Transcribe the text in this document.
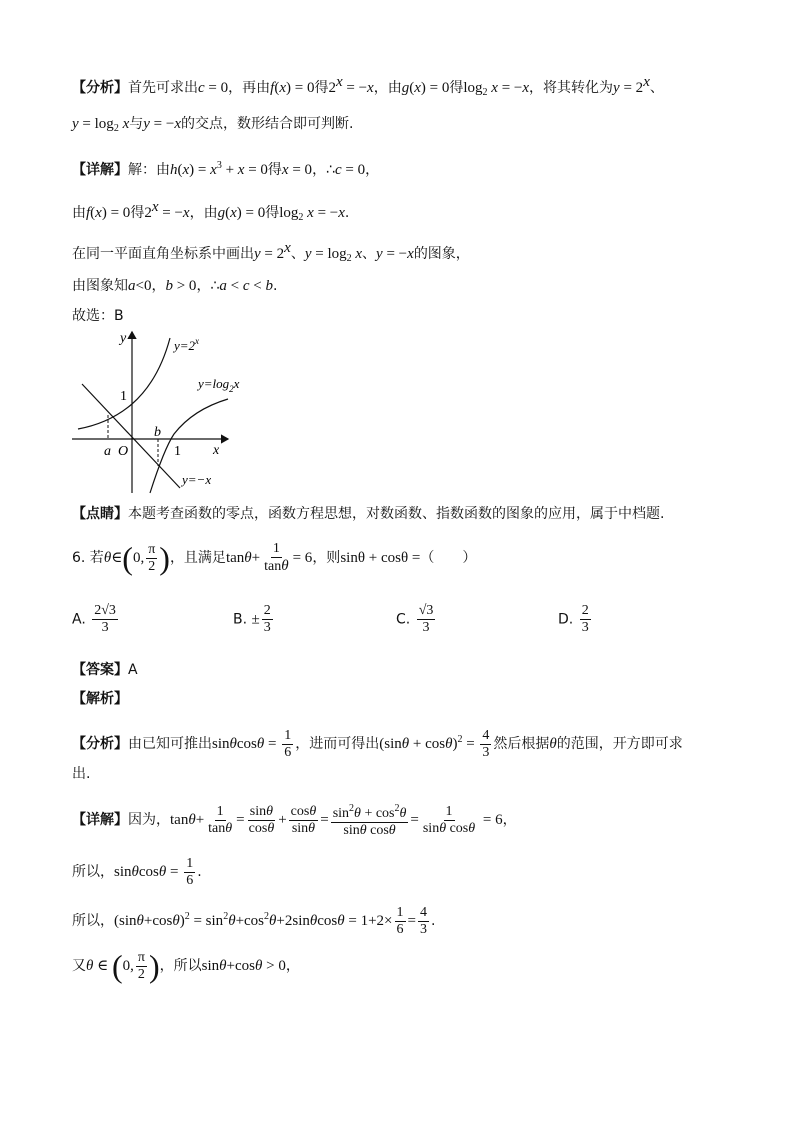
【分析】首先可求出c = 0，再由f(x) = 0得$2^x = -x$，由g(x) = 0得$\log_2 x = -x$，将其转化为$y = 2^x$、
$y = \log_2 x$与y = −x的交点，数形结合即可判断.
【详解】解：由$h(x) = x^3 + x = 0$得x = 0，∴c = 0，
由f(x) = 0得$2^x = -x$，由g(x) = 0得$\log_2 x = -x$.
在同一平面直角坐标系中画出$y = 2^x$、$y = \log_2 x$、y = −x的图象，
由图象知a<0，b > 0，∴a < c < b.
故选：B
y
x
O
a
b
1
1
$y=2^x$
$y=\log_2x$
y=−x
【点睛】本题考查函数的零点，函数方程思想，对数函数、指数函数的图象的应用，属于中档题.
6. 若θ∈(0, $\frac{\pi}{2}$ )，且满足$\tan\theta+ \frac{1}{\tan\theta} = 6$，则sinθ + cosθ =（　　）
A. $\frac{2√3}{3}$	B. ± $\frac{2}{3}$	C. $\frac{√3}{3}$	D. $\frac{2}{3}$
【答案】A
【解析】
【分析】由已知可推出$\sin\theta\cos\theta = \frac{1}{6}$ ，进而可得出$(\sin\theta + \cos\theta)^2 = \frac{4}{3}$ 然后根据θ的范围，开方即可求
出.
【详解】因为，$\tan\theta+ \frac{1}{\tan\theta} = \frac{\sin\theta}{\cos\theta} + \frac{\cos\theta}{\sin\theta} = \frac{\sin^2\theta + \cos^2\theta}{\text{sinθ cosθ}} = \frac{1}{\text{sinθ cosθ}} = 6$，
所以，$\sin\theta\cos\theta = \frac{1}{6}$ .
所以，$(\sin\theta+\cos\theta)^2 = \sin^2\theta+\cos^2\theta+2\sin\theta\cos\theta = 1+2\times \frac{1}{6} = \frac{4}{3}$ .
又θ ∈ (0, $\frac{\pi}{2}$ )，所以sinθ+cosθ > 0，
